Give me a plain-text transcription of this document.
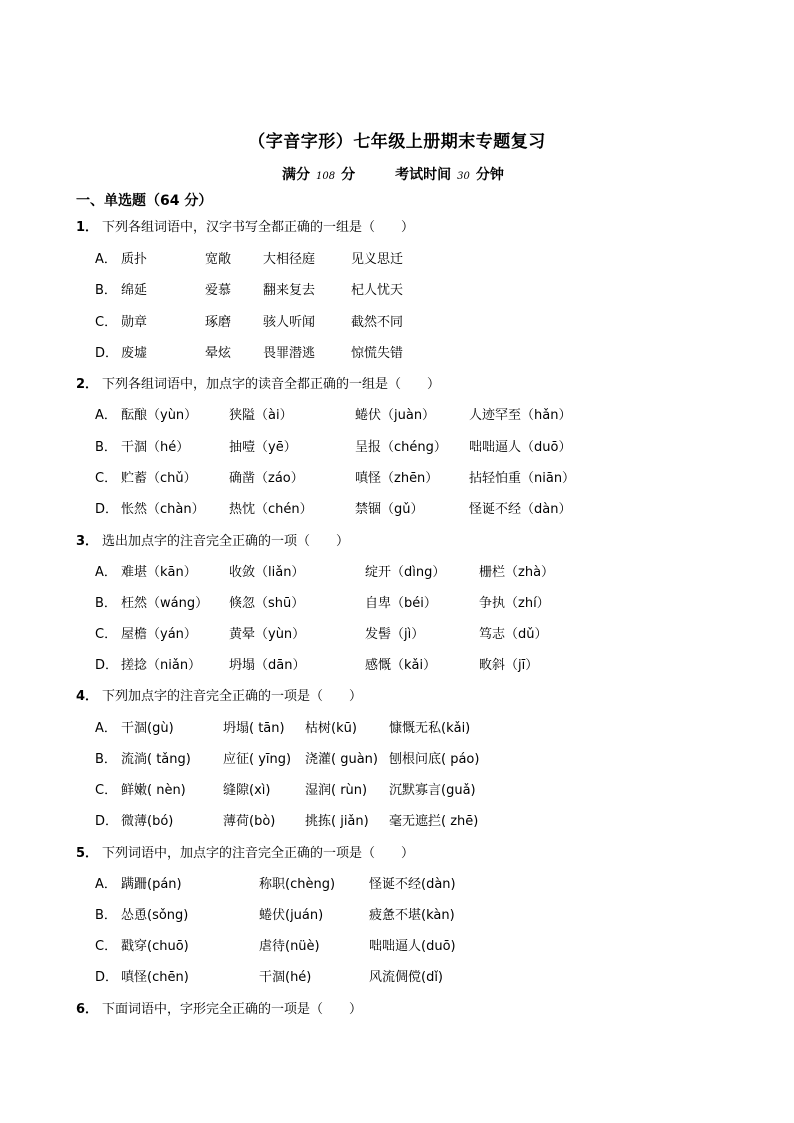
（字音字形）七年级上册期末专题复习
满分 108 分	考试时间 30 分钟
一、单选题（64 分）
1． 下列各组词语中，汉字书写全都正确的一组是（　　）
A． 质扑	宽敞 大相径庭	见义思迁
B． 绵延	爱慕 翻来复去	杞人忧天
C． 勋章	琢磨 骇人听闻	截然不同
D． 废墟	晕炫 畏罪潜逃	惊慌失错
2． 下列各组词语中，加点字的读音全都正确的一组是（　　）
A． 酝酿（yùn） 狭隘（ài）	蜷伏（juàn）	人迹罕至（hǎn）
B． 干涸（hé）	抽噎（yē）	呈报（chéng） 咄咄逼人（duō）
C． 贮蓄（chǔ） 确凿（záo）	嗔怪（zhēn） 拈轻怕重（niān）
D． 怅然（chàn） 热忱（chén）	禁锢（gǔ）	怪诞不经（dàn）
3． 选出加点字的注音完全正确的一项（　　）
A． 难堪（kān） 收敛（liǎn）	绽开（dìng）	栅栏（zhà）
B． 枉然（wáng） 倏忽（shū）	自卑（béi）	争执（zhí）
C． 屋檐（yán） 黄晕（yùn）	发髻（jì）	笃志（dǔ）
D． 搓捻（niǎn） 坍塌（dān）	感慨（kǎi）	畋斜（jī）
4． 下列加点字的注音完全正确的一项是（　　）
A． 干涸(gù)	坍塌( tān) 枯树(kū) 慷慨无私(kǎi)
B． 流淌( tǎng) 应征( yīng) 浇灌( guàn) 刨根问底( páo)
C． 鲜嫩( nèn)	缝隙(xì)	湿润( rùn) 沉默寡言(guǎ)
D． 微薄(bó)	薄荷(bò) 挑拣( jiǎn) 毫无遮拦( zhē)
5． 下列词语中，加点字的注音完全正确的一项是（　　）
A． 蹒跚(pán)	称职(chèng)	怪诞不经(dàn)
B． 怂恿(sǒng)	蜷伏(juán)	疲惫不堪(kàn)
C． 戳穿(chuō)	虐待(nüè)	咄咄逼人(duō)
D． 嗔怪(chēn)	干涸(hé)	风流倜傥(dǐ)
6． 下面词语中，字形完全正确的一项是（　　）
